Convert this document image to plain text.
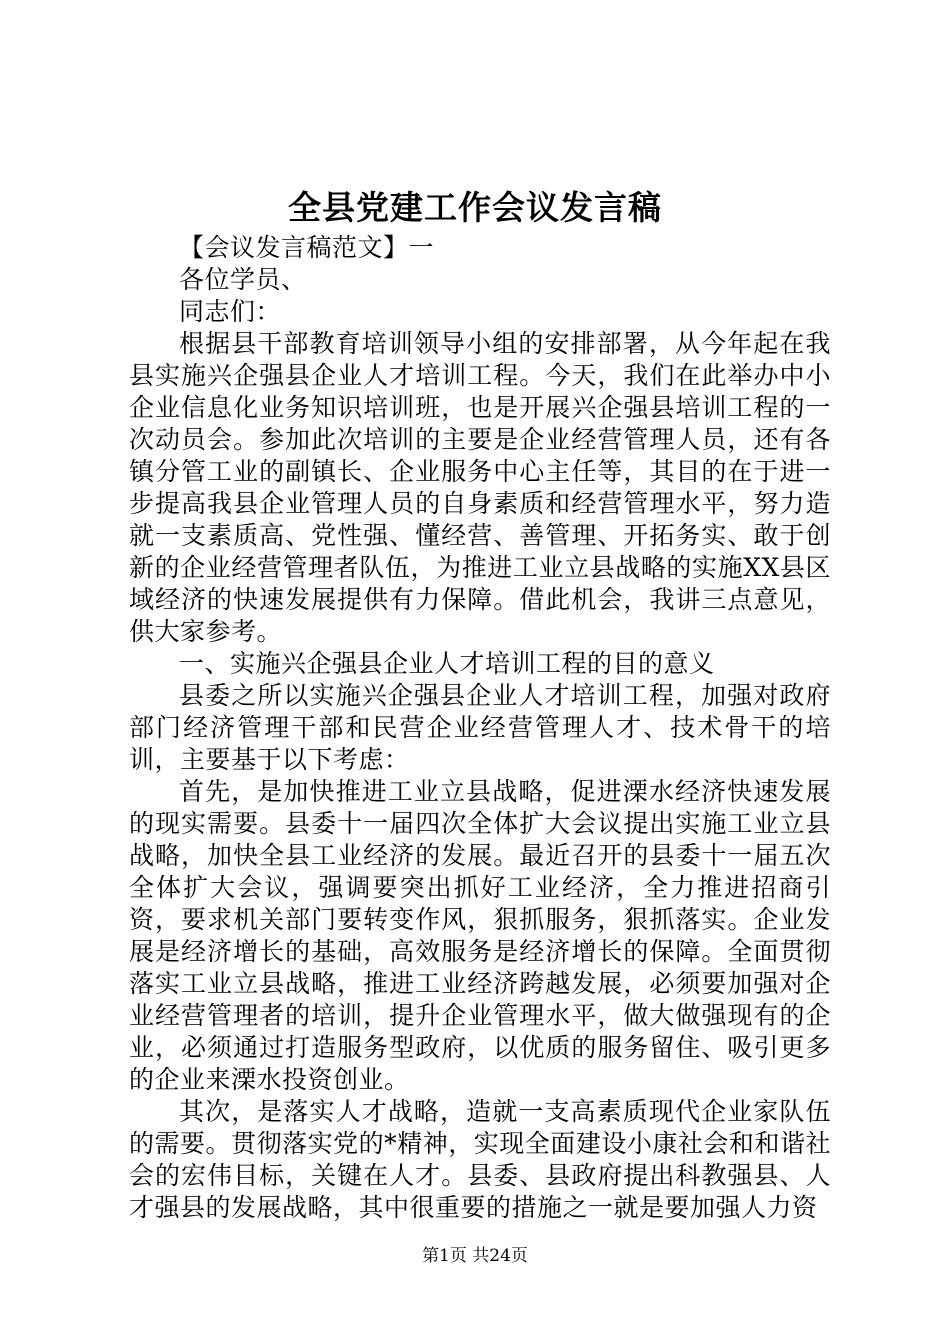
全县党建工作会议发言稿

【会议发言稿范文】一

各位学员、

同志们：

根据县干部教育培训领导小组的安排部署，从今年起在我县实施兴企强县企业人才培训工程。今天，我们在此举办中小企业信息化业务知识培训班，也是开展兴企强县培训工程的一次动员会。参加此次培训的主要是企业经营管理人员，还有各镇分管工业的副镇长、企业服务中心主任等，其目的在于进一步提高我县企业管理人员的自身素质和经营管理水平，努力造就一支素质高、党性强、懂经营、善管理、开拓务实、敢于创新的企业经营管理者队伍，为推进工业立县战略的实施XX县区域经济的快速发展提供有力保障。借此机会，我讲三点意见，供大家参考。

一、实施兴企强县企业人才培训工程的目的意义

县委之所以实施兴企强县企业人才培训工程，加强对政府部门经济管理干部和民营企业经营管理人才、技术骨干的培训，主要基于以下考虑：

首先，是加快推进工业立县战略，促进溧水经济快速发展的现实需要。县委十一届四次全体扩大会议提出实施工业立县战略，加快全县工业经济的发展。最近召开的县委十一届五次全体扩大会议，强调要突出抓好工业经济，全力推进招商引资，要求机关部门要转变作风，狠抓服务，狠抓落实。企业发展是经济增长的基础，高效服务是经济增长的保障。全面贯彻落实工业立县战略，推进工业经济跨越发展，必须要加强对企业经营管理者的培训，提升企业管理水平，做大做强现有的企业，必须通过打造服务型政府，以优质的服务留住、吸引更多的企业来溧水投资创业。

其次，是落实人才战略，造就一支高素质现代企业家队伍的需要。贯彻落实党的*精神，实现全面建设小康社会和和谐社会的宏伟目标，关键在人才。县委、县政府提出科教强县、人才强县的发展战略，其中很重要的措施之一就是要加强人力资

第1页 共24页
